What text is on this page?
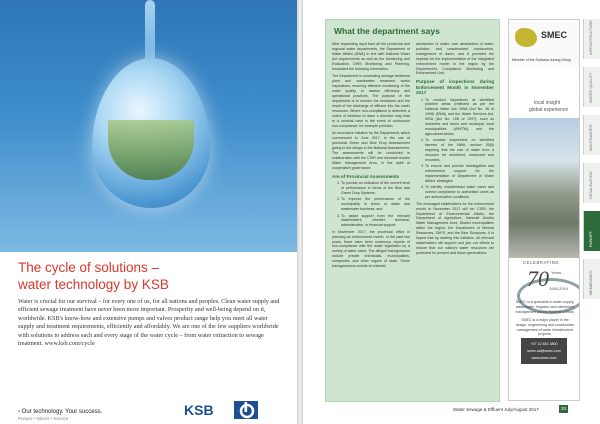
The cycle of solutions –
water technology by KSB
Water is crucial for our survival – for every one of us, for all nations and peoples. Clean water supply and efficient sewage treatment have never been more important. Prosperity and well-being depend on it, worldwide. KSB's know-how and extensive pumps and valves product range help you meet all water supply and treatment requirements, efficiently and affordably. We are one of the few suppliers worldwide with solutions to address each and every stage of the water cycle – from water extraction to sewage treatment. www.ksb.com/cycle
› Our technology. Your success.
Pumps • Valves • Service
KSB
What the department says

After requesting input from all the provincial and regional water departments, the Department of Water Affairs (DWA) in line with National Water Act requirements as well as the Monitoring and Evaluation, DWS Monitoring and Planning, forwarded the following information.

The Department is conducting sewage treatment plant and wastewater treatment works inspections, ensuring effective monitoring of the water quality, to assess efficiency and operational practices. The purpose of the department is to monitor the emissions and the result of the discharge of effluent into the water resources. Where non-compliance is detected, a notice of intention to issue a directive may lead to a criminal case in the event of continuous non-compliance, for example pollution.

An innovative initiative by the Department, which commenced in June 2017, is the use of provincial Green and Blue Drop Assessments giving to the delays in the National Assessments. The assessments will be conducted in collaboration with the CSIR and Inkomati Usuthu Water Management Area, in the spirit of cooperative governance.

Are of Provincial Assessments
1. To provide an indication of the current level of performance in terms of the Blue and Green Drop Systems;
2. To improve the performance of the municipality in terms of water and wastewater business; and
3. To assist support from the relevant stakeholders, whether technical, administrative, or financial support.

In November 2017, the provincial office is planning an enforcement month. In the past two years, there have been numerous reports of non-compliance with the water legislation by a variety of water users. The alleged transgressors include private individuals, municipalities, companies, and other organs of state. These transgressions consist of unlawful

abstraction of water, over abstraction of water, pollution, and unauthorised construction, enlargement of dams, and it provided the impetus for the implementation of the Integrated enforcement month in the region by the Department's Compliance Monitoring and Enforcement Unit.

Purpose of inspections during Enforcement Month in November 2017
1. To conduct inspections at identified problem areas (reflected as per the National Water Act, NWA (Act No. 36 of 1998) (NWA) and the Water Services Act, WSA (Act No. 108 of 1997), such as industries and farms and municipal, local municipalities (WWTW), and the agricultural sector;
2. To conduct inspections on identified farmers of the NWA, section 35(6) requiring that the use of water from a resource be monitored, measured and recorded;
3. To ensure and provide investigation and enforcement support for the implementation of Department of Water Affairs' strategies;
4. To identify unauthorised water users and correct compliance to authorised users as per authorisation conditions.

The envisaged stakeholders for the enforcement month in November 2017 will be: CSIR, the Department of Environmental Affairs, the Department of Agriculture, Inkomati Usuthu Water Management Area, District municipalities within the region, the Department of Mineral Resources, SAPS, and the Blue Scorpions. It is hoped that by starting this initiative, all relevant stakeholders will support and join our efforts to ensure that our nation's water resources are protected for present and future generations.

SMEC
Member of the Surbana Jurong Group
local insight
global experience
CELEBRATING
70 Years
1949-2019
SMEC is a specialist in water supply, wastewater, irrigation and catchment management across Southern Africa.
SMEC is a major player in the design, engineering and construction management of water infrastructure projects.
+27 12 481 3800
smec.sa@smec.com
www.smec.com
INFRASTRUCTURE
WATER QUALITY
WASTEWATER
DESALINATION
RUNOFF
MEMBRANES
Water Sewage & Effluent July/August 2017	33
